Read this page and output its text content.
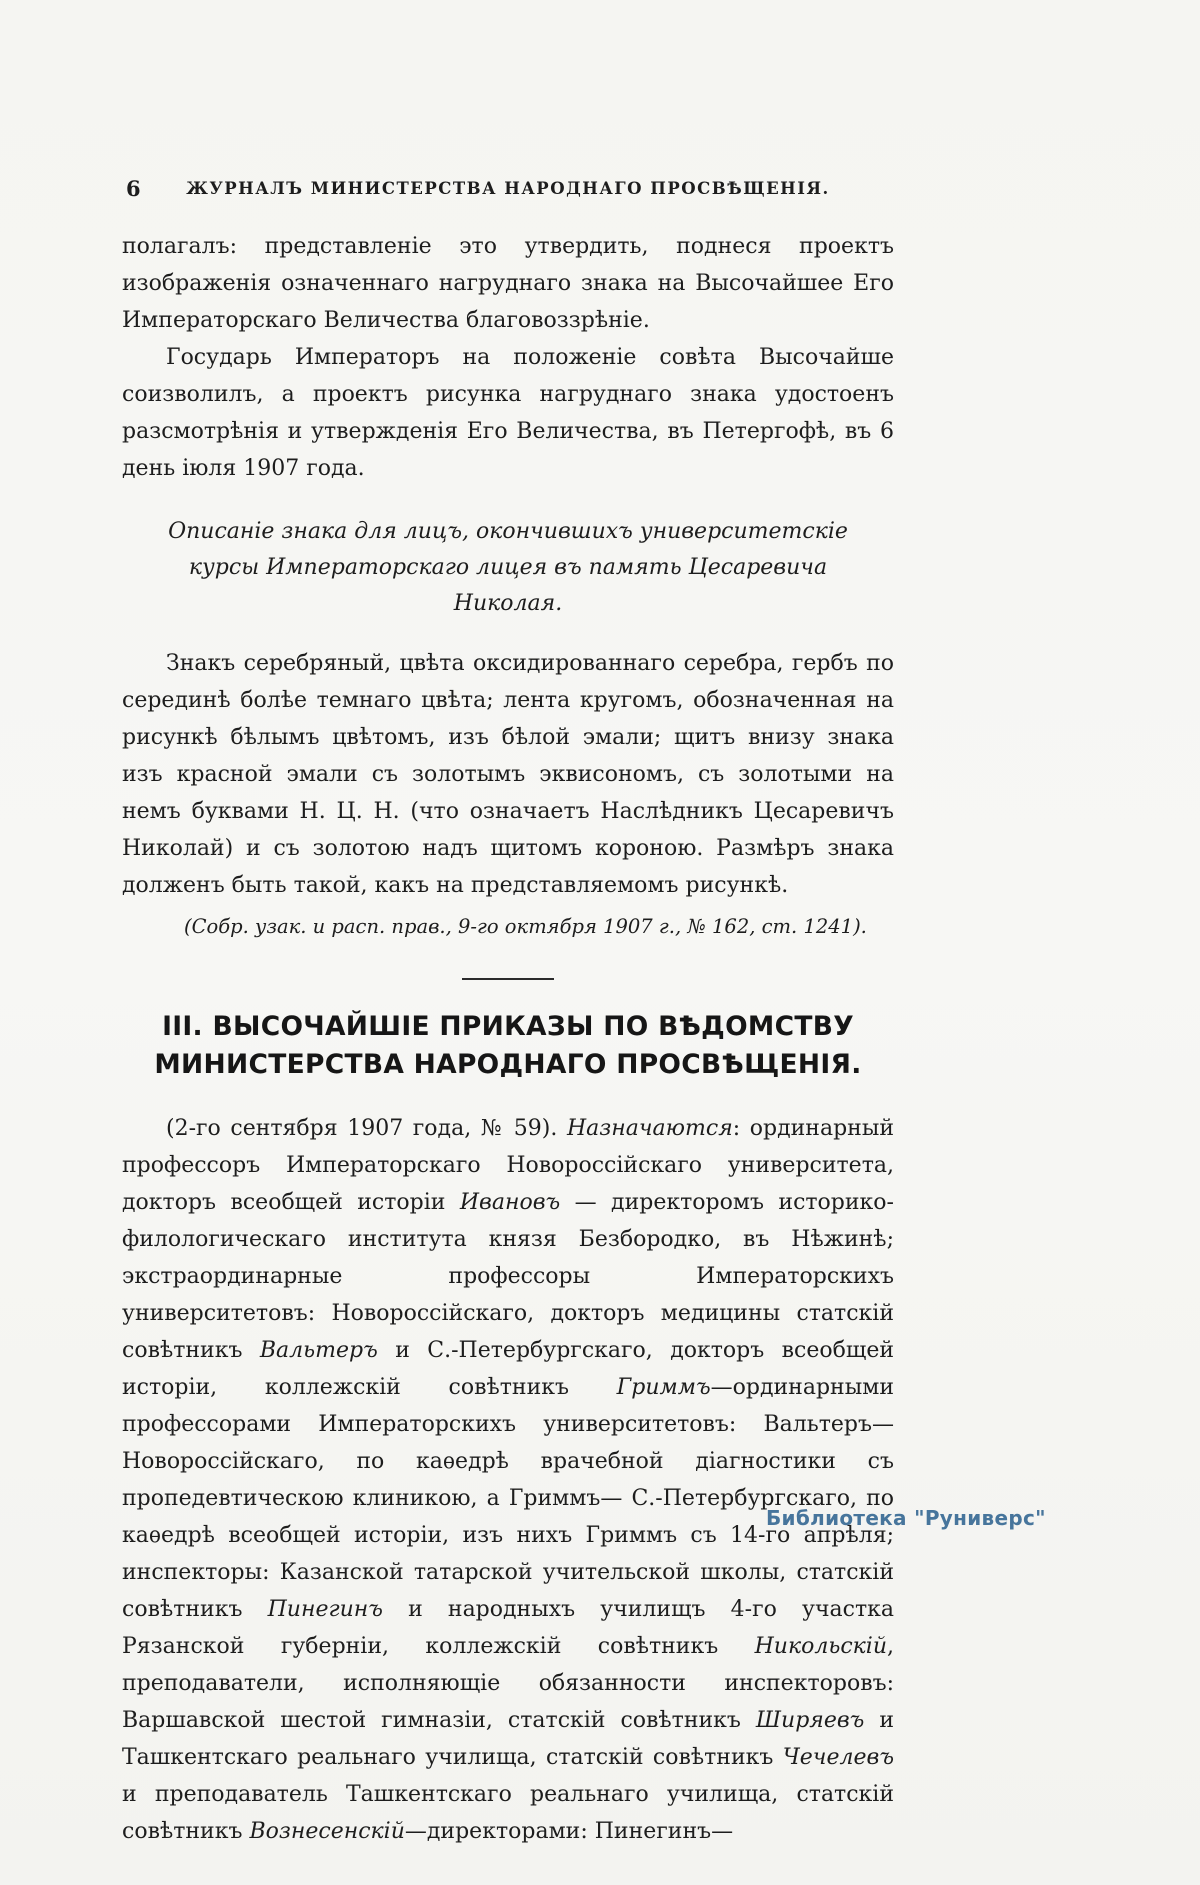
6	ЖУРНАЛЪ МИНИСТЕРСТВА НАРОДНАГО ПРОСВѢЩЕНІЯ.

полагалъ: представленіе это утвердить, поднеся проектъ изображенія означеннаго нагруднаго знака на Высочайшее Его Императорскаго Величества благовоззрѣніе.

Государь Императоръ на положеніе совѣта Высочайше соизволилъ, а проектъ рисунка нагруднаго знака удостоенъ разсмотрѣнія и утвержденія Его Величества, въ Петергофѣ, въ 6 день іюля 1907 года.

Описаніе знака для лицъ, окончившихъ университетскіе курсы Императорскаго лицея въ память Цесаревича Николая.

Знакъ серебряный, цвѣта оксидированнаго серебра, гербъ по серединѣ болѣе темнаго цвѣта; лента кругомъ, обозначенная на рисункѣ бѣлымъ цвѣтомъ, изъ бѣлой эмали; щитъ внизу знака изъ красной эмали съ золотымъ эквисономъ, съ золотыми на немъ буквами Н. Ц. Н. (что означаетъ Наслѣдникъ Цесаревичъ Николай) и съ золотою надъ щитомъ короною. Размѣръ знака долженъ быть такой, какъ на представляемомъ рисункѣ.

(Собр. узак. и расп. прав., 9-го октября 1907 г., № 162, ст. 1241).

III. ВЫСОЧАЙШІЕ ПРИКАЗЫ ПО ВѢДОМСТВУ МИНИСТЕРСТВА НАРОДНАГО ПРОСВѢЩЕНІЯ.

(2-го сентября 1907 года, № 59). Назначаются: ординарный профессоръ Императорскаго Новороссійскаго университета, докторъ всеобщей исторіи Ивановъ — директоромъ историко-филологическаго института князя Безбородко, въ Нѣжинѣ; экстраординарные профессоры Императорскихъ университетовъ: Новороссійскаго, докторъ медицины статскій совѣтникъ Вальтеръ и С.-Петербургскаго, докторъ всеобщей исторіи, коллежскій совѣтникъ Гриммъ—ординарными профессорами Императорскихъ университетовъ: Вальтеръ—Новороссійскаго, по каѳедрѣ врачебной діагностики съ пропедевтическою клиникою, а Гриммъ— С.-Петербургскаго, по каѳедрѣ всеобщей исторіи, изъ нихъ Гриммъ съ 14-го апрѣля; инспекторы: Казанской татарской учительской школы, статскій совѣтникъ Пинегинъ и народныхъ училищъ 4-го участка Рязанской губерніи, коллежскій совѣтникъ Никольскій, преподаватели, исполняющіе обязанности инспекторовъ: Варшавской шестой гимназіи, статскій совѣтникъ Ширяевъ и Ташкентскаго реальнаго училища, статскій совѣтникъ Чечелевъ и преподаватель Ташкентскаго реальнаго училища, статскій совѣтникъ Вознесенскій—директорами: Пинегинъ—

Библиотека "Руниверс"
